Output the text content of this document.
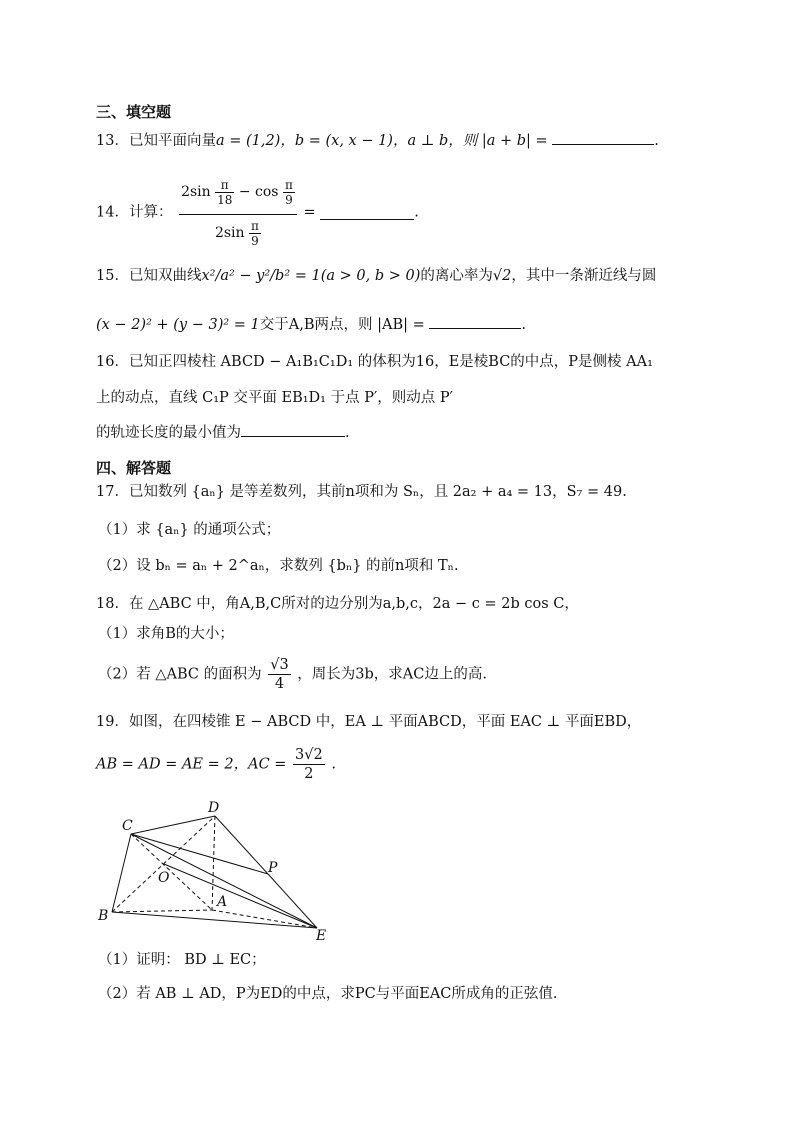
三、填空题
13．已知平面向量a = (1,2)，b = (x, x − 1)，a ⊥ b，则 |a + b| =	.
14．计算：
$2\sin \frac{\pi}{18} - \cos \frac{\pi}{9}$
$2\sin \frac{\pi}{9}$
=	.
15．已知双曲线x²/a² − y²/b² = 1(a > 0, b > 0)的离心率为√2，其中一条渐近线与圆
(x − 2)² + (y − 3)² = 1交于A,B两点，则 |AB| =	.
16．已知正四棱柱 ABCD − A₁B₁C₁D₁ 的体积为16，E是棱BC的中点，P是侧棱 AA₁
上的动点，直线 C₁P 交平面 EB₁D₁ 于点 P′，则动点 P′
的轨迹长度的最小值为	.
四、解答题
17．已知数列 {aₙ} 是等差数列，其前n项和为 Sₙ，且 2a₂ + a₄ = 13，S₇ = 49.
（1）求 {aₙ} 的通项公式；
（2）设 bₙ = aₙ + 2^aₙ，求数列 {bₙ} 的前n项和 Tₙ.
18．在 △ABC 中，角A,B,C所对的边分别为a,b,c，2a − c = 2b cos C，
（1）求角B的大小；
（2）若 △ABC 的面积为 $\frac{√3}{4}$ ，周长为3b，求AC边上的高.
19．如图，在四棱锥 E − ABCD 中，EA ⊥ 平面ABCD，平面 EAC ⊥ 平面EBD，
AB = AD = AE = 2，AC = $\frac{3√2}{2}$ .
C
D
O
P
A
B
E
（1）证明： BD ⊥ EC；
（2）若 AB ⊥ AD，P为ED的中点，求PC与平面EAC所成角的正弦值.
